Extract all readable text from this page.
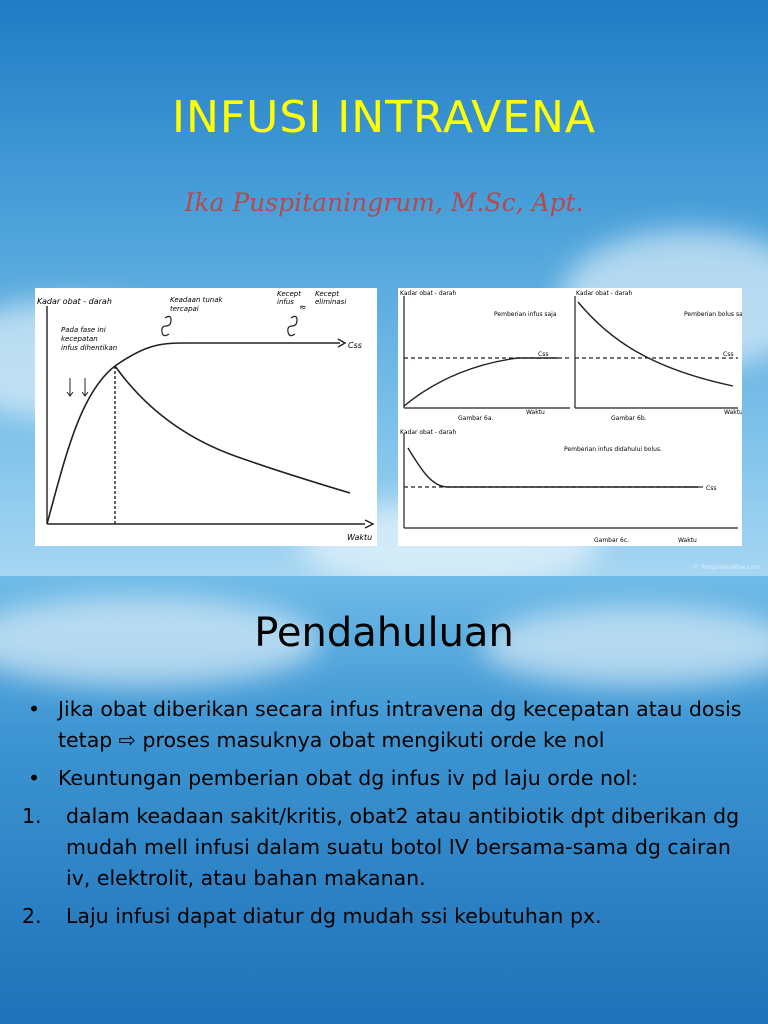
INFUSI INTRAVENA
Ika Puspitaningrum, M.Sc, Apt.
Kadar obat - darah
Waktu
Css
Pada fase ini kecepatan infus dihentikan
Keadaan tunak tercapai
Kecept infus
Kecept eliminasi
≈
Kadar obat - darah	Kadar obat - darah
Kadar obat - darah
Pemberian infus saja	Pemberian bolus saja
Pemberian infus didahului bolus.
Css	Css
Css
Gambar 6a.	Gambar 6b.
Gambar 6c.
Waktu	Waktu
Waktu
© TemplatesWise.com
Pendahuluan
• Jika obat diberikan secara infus intravena dg kecepatan atau dosis tetap ⇨ proses masuknya obat mengikuti orde ke nol
• Keuntungan pemberian obat dg infus iv pd laju orde nol:
1.	dalam keadaan sakit/kritis, obat2 atau antibiotik dpt diberikan dg mudah mell infusi dalam suatu botol IV bersama-sama dg cairan iv, elektrolit, atau bahan makanan.
2.	Laju infusi dapat diatur dg mudah ssi kebutuhan px.
